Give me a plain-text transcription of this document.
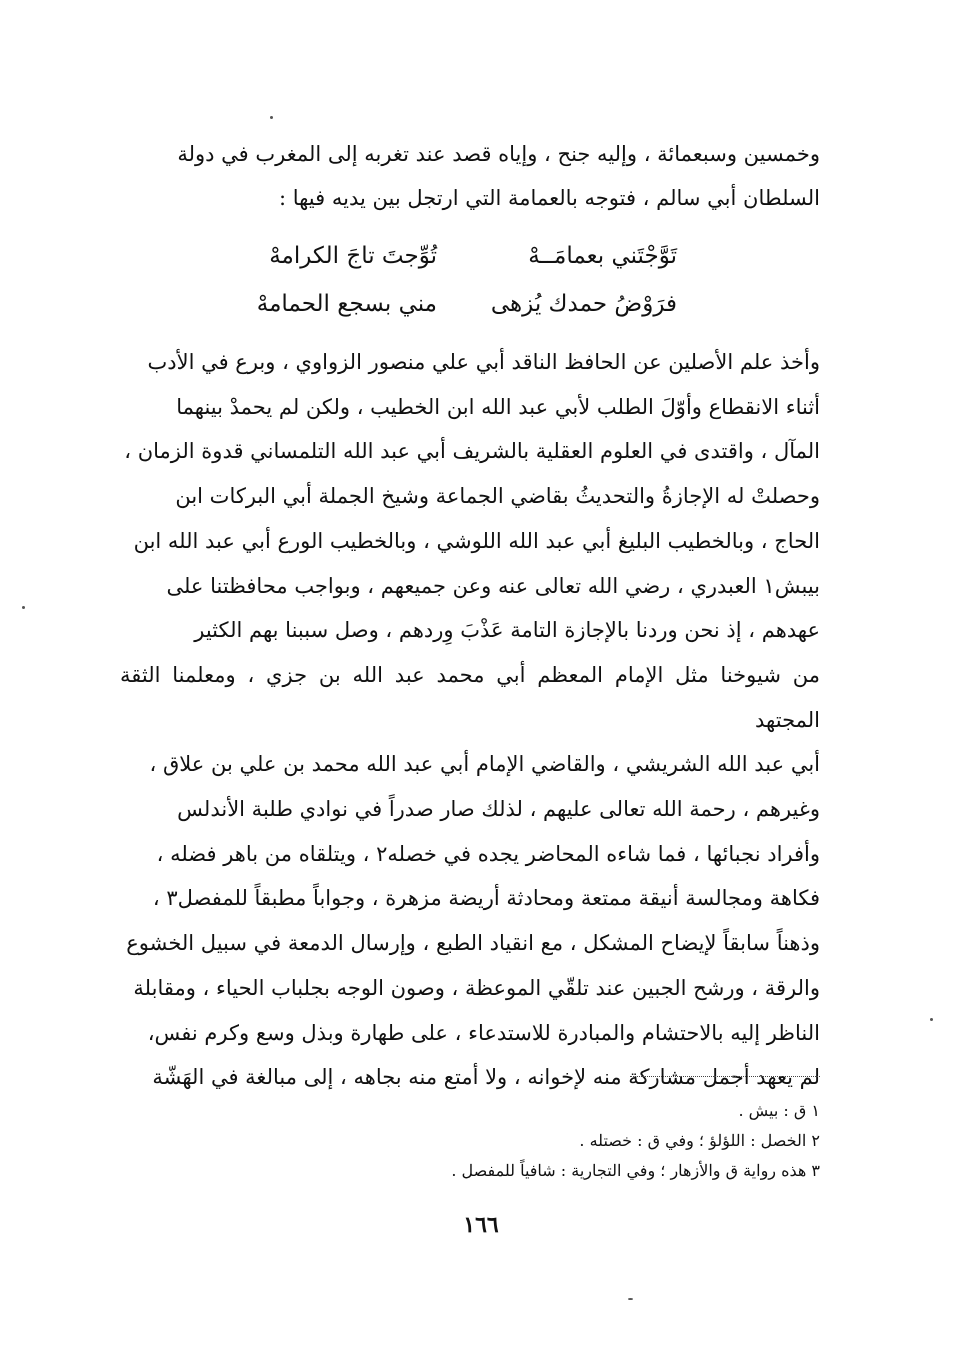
وخمسين وسبعمائة ، وإليه جنح ، وإياه قصد عند تغربه إلى المغرب في دولة
السلطان أبي سالم ، فتوجه بالعمامة التي ارتجل بين يديه فيها :

تَوَّجْتَني بعمامَــهْ
تُوِّجتَ تاجَ الكرامهْ
فرَوْضُ حمدك يُزهى
مني بسجع الحمامهْ

وأخذ علم الأصلين عن الحافظ الناقد أبي علي منصور الزواوي ، وبرع في الأدب
أثناء الانقطاع وأوّلَ الطلب لأبي عبد الله ابن الخطيب ، ولكن لم يحمدْ بينهما
المآل ، واقتدى في العلوم العقلية بالشريف أبي عبد الله التلمساني قدوة الزمان ،
وحصلتْ له الإجازةُ والتحديثُ بقاضي الجماعة وشيخ الجملة أبي البركات ابن
الحاج ، وبالخطيب البليغ أبي عبد الله اللوشي ، وبالخطيب الورع أبي عبد الله ابن
بيبش١ العبدري ، رضي الله تعالى عنه وعن جميعهم ، وبواجب محافظتنا على
عهدهم ، إذ نحن وردنا بالإجازة التامة عَذْبَ وِردهم ، وصل سببنا بهم الكثير
من شيوخنا مثل الإمام المعظم أبي محمد عبد الله بن جزي ، ومعلمنا الثقة المجتهد
أبي عبد الله الشريشي ، والقاضي الإمام أبي عبد الله محمد بن علي بن علاق ،
وغيرهم ، رحمة الله تعالى عليهم ، لذلك صار صدراً في نوادي طلبة الأندلس
وأفراد نجبائها ، فما شاءه المحاضر يجده في خصله٢ ، ويتلقاه من باهر فضله ،
فكاهة ومجالسة أنيقة ممتعة ومحادثة أريضة مزهرة ، وجواباً مطبقاً للمفصل٣ ،
وذهناً سابقاً لإيضاح المشكل ، مع انقياد الطبع ، وإرسال الدمعة في سبيل الخشوع
والرقة ، ورشح الجبين عند تلقّي الموعظة ، وصون الوجه بجلباب الحياء ، ومقابلة
الناظر إليه بالاحتشام والمبادرة للاستدعاء ، على طهارة وبذل وسع وكرم نفس،
لم يعهد أجمل مشاركة منه لإخوانه ، ولا أمتع منه بجاهه ، إلى مبالغة في الهَشّة

١ ق : بيش .
٢ الخصل : اللؤلؤ ؛ وفي ق : خصتله .
٣ هذه رواية ق والأزهار ؛ وفي التجارية : شافياً للمفصل .
١٦٦
